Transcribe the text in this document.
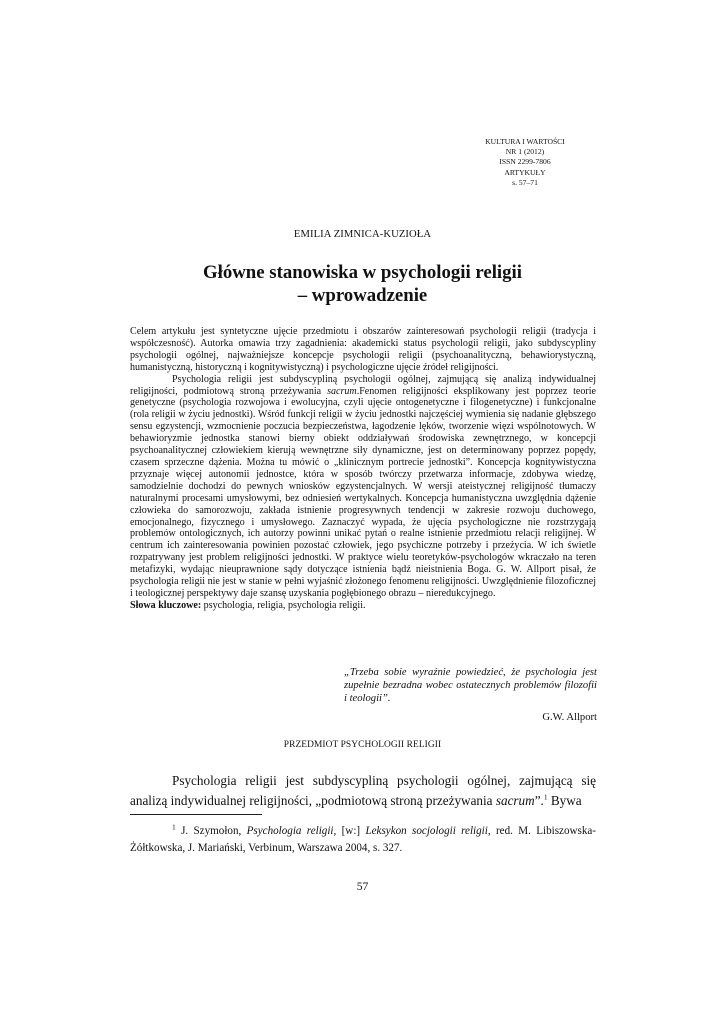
KULTURA I WARTOŚCI
NR 1 (2012)
ISSN 2299-7806
ARTYKUŁY
s. 57–71
EMILIA ZIMNICA-KUZIOŁA
Główne stanowiska w psychologii religii
– wprowadzenie

Celem artykułu jest syntetyczne ujęcie przedmiotu i obszarów zainteresowań psychologii religii (tradycja i współczesność). Autorka omawia trzy zagadnienia: akademicki status psychologii religii, jako subdyscypliny psychologii ogólnej, najważniejsze koncepcje psychologii religii (psychoanalityczną, behawiorystyczną, humanistyczną, historyczną i kognitywistyczną) i psychologiczne ujęcie źródeł religijności.

Psychologia religii jest subdyscypliną psychologii ogólnej, zajmującą się analizą indywidualnej religijności, podmiotową stroną przeżywania sacrum.Fenomen religijności eksplikowany jest poprzez teorie genetyczne (psychologia rozwojowa i ewolucyjna, czyli ujęcie ontogenetyczne i filogenetyczne) i funkcjonalne (rola religii w życiu jednostki). Wśród funkcji religii w życiu jednostki najczęściej wymienia się nadanie głębszego sensu egzystencji, wzmocnienie poczucia bezpieczeństwa, łagodzenie lęków, tworzenie więzi wspólnotowych. W behawioryzmie jednostka stanowi bierny obiekt oddziaływań środowiska zewnętrznego, w koncepcji psychoanalitycznej człowiekiem kierują wewnętrzne siły dynamiczne, jest on determinowany poprzez popędy, czasem sprzeczne dążenia. Można tu mówić o „klinicznym portrecie jednostki”. Koncepcja kognitywistyczna przyznaje więcej autonomii jednostce, która w sposób twórczy przetwarza informacje, zdobywa wiedzę, samodzielnie dochodzi do pewnych wniosków egzystencjalnych. W wersji ateistycznej religijność tłumaczy naturalnymi procesami umysłowymi, bez odniesień wertykalnych. Koncepcja humanistyczna uwzględnia dążenie człowieka do samorozwoju, zakłada istnienie progresywnych tendencji w zakresie rozwoju duchowego, emocjonalnego, fizycznego i umysłowego. Zaznaczyć wypada, że ujęcia psychologiczne nie rozstrzygają problemów ontologicznych, ich autorzy powinni unikać pytań o realne istnienie przedmiotu relacji religijnej. W centrum ich zainteresowania powinien pozostać człowiek, jego psychiczne potrzeby i przeżycia. W ich świetle rozpatrywany jest problem religijności jednostki. W praktyce wielu teoretyków-psychologów wkraczało na teren metafizyki, wydając nieuprawnione sądy dotyczące istnienia bądź nieistnienia Boga. G. W. Allport pisał, że psychologia religii nie jest w stanie w pełni wyjaśnić złożonego fenomenu religijności. Uwzględnienie filozoficznej i teologicznej perspektywy daje szansę uzyskania pogłębionego obrazu – nieredukcyjnego.

Słowa kluczowe: psychologia, religia, psychologia religii.

„Trzeba sobie wyraźnie powiedzieć, że psychologia jest zupełnie bezradna wobec ostatecznych problemów filozofii i teologii”.
G.W. Allport
PRZEDMIOT PSYCHOLOGII RELIGII

Psychologia religii jest subdyscypliną psychologii ogólnej, zajmującą się analizą indywidualnej religijności, „podmiotową stroną przeżywania sacrum”.$^1$ Bywa

$^1$ J. Szymołon, Psychologia religii, [w:] Leksykon socjologii religii, red. M. Libiszowska-Żółtkowska, J. Mariański, Verbinum, Warszawa 2004, s. 327.

57
